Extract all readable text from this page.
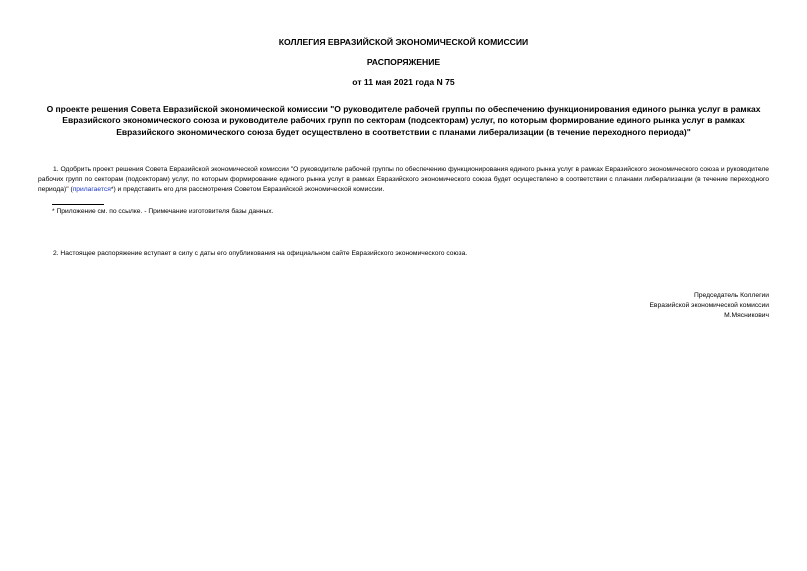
КОЛЛЕГИЯ ЕВРАЗИЙСКОЙ ЭКОНОМИЧЕСКОЙ КОМИССИИ
РАСПОРЯЖЕНИЕ
от 11 мая 2021 года N 75
О проекте решения Совета Евразийской экономической комиссии "О руководителе рабочей группы по обеспечению функционирования единого рынка услуг в рамках Евразийского экономического союза и руководителе рабочих групп по секторам (подсекторам) услуг, по которым формирование единого рынка услуг в рамках Евразийского экономического союза будет осуществлено в соответствии с планами либерализации (в течение переходного периода)"
1. Одобрить проект решения Совета Евразийской экономической комиссии "О руководителе рабочей группы по обеспечению функционирования единого рынка услуг в рамках Евразийского экономического союза и руководителе рабочих групп по секторам (подсекторам) услуг, по которым формирование единого рынка услуг в рамках Евразийского экономического союза будет осуществлено в соответствии с планами либерализации (в течение переходного периода)" (прилагается*) и представить его для рассмотрения Советом Евразийской экономической комиссии.
* Приложение см. по ссылке. - Примечание изготовителя базы данных.
2. Настоящее распоряжение вступает в силу с даты его опубликования на официальном сайте Евразийского экономического союза.
Председатель Коллегии
Евразийской экономической комиссии
М.Мясникович
